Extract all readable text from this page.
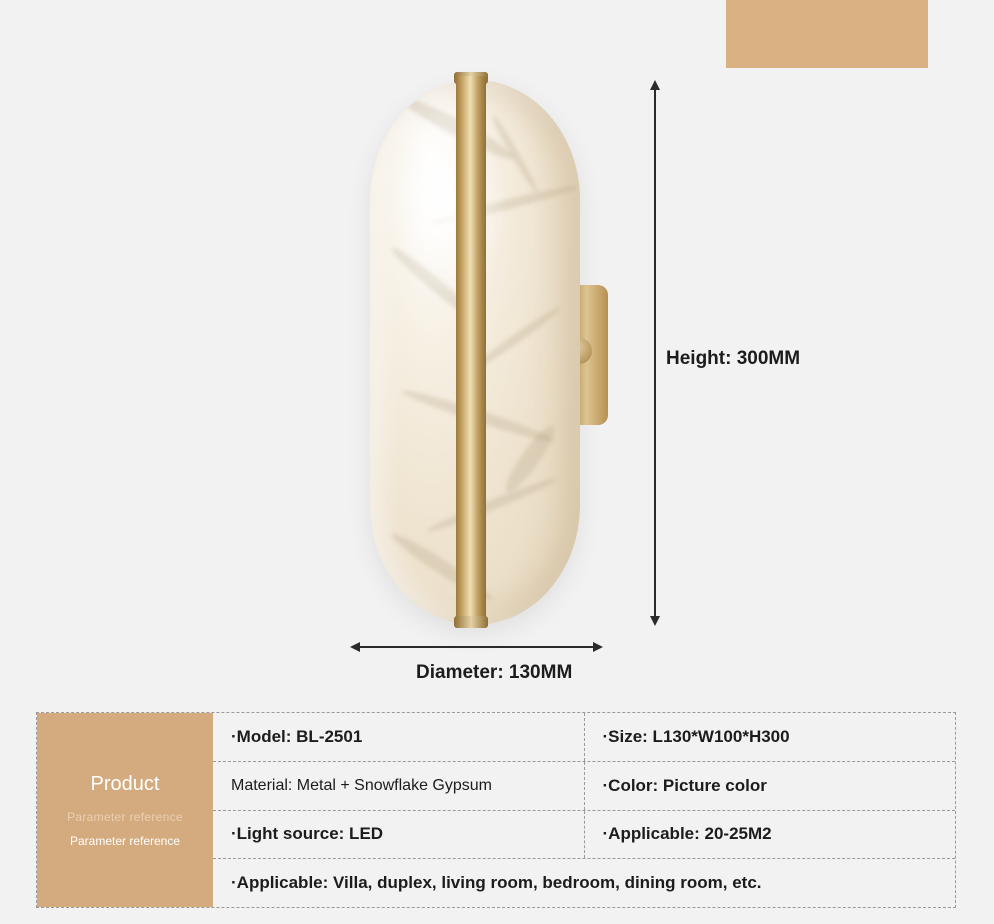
Height: 300MM
Diameter: 130MM
Product
Parameter reference
Parameter reference
·Model: BL-2501	·Size: L130*W100*H300
Material: Metal + Snowflake Gypsum	·Color: Picture color
·Light source: LED	·Applicable: 20-25M2
·Applicable: Villa, duplex, living room, bedroom, dining room, etc.
